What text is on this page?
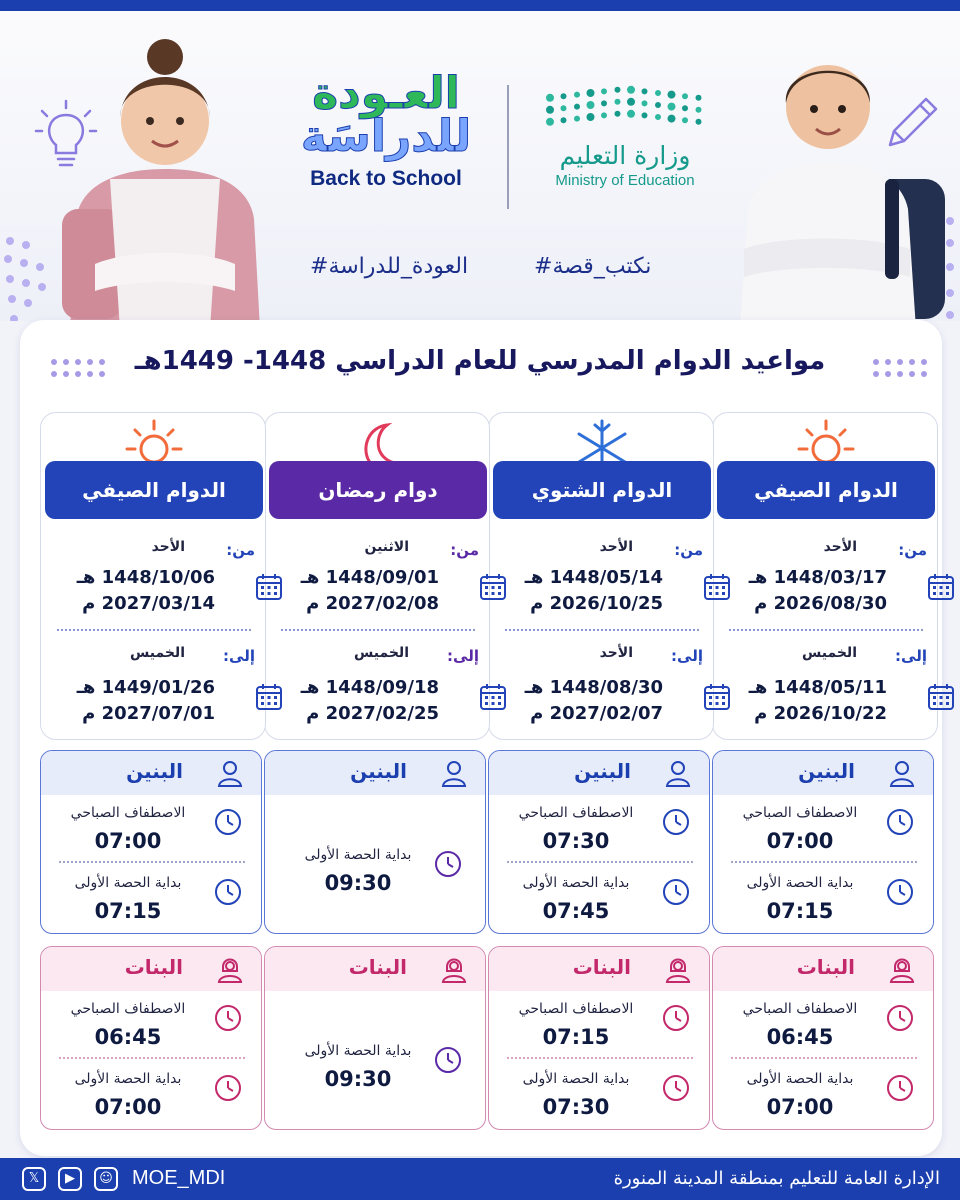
العـودة
للدراسَة
Back to School
وزارة التعليم
Ministry of Education
#نكتب_قصة
#العودة_للدراسة
مواعيد الدوام المدرسي للعام الدراسي 1448- 1449هـ
الدوام الصيفي
من:
الأحد
1448/03/17 هـ
2026/08/30 م
إلى:
الخميس
1448/05/11 هـ
2026/10/22 م
البنين
الاصطفاف الصباحي
07:00
بداية الحصة الأولى
07:15
البنات
الاصطفاف الصباحي
06:45
بداية الحصة الأولى
07:00
الدوام الشتوي
من:
الأحد
1448/05/14 هـ
2026/10/25 م
إلى:
الأحد
1448/08/30 هـ
2027/02/07 م
البنين
الاصطفاف الصباحي
07:30
بداية الحصة الأولى
07:45
البنات
الاصطفاف الصباحي
07:15
بداية الحصة الأولى
07:30
دوام رمضان
من:
الاثنين
1448/09/01 هـ
2027/02/08 م
إلى:
الخميس
1448/09/18 هـ
2027/02/25 م
البنين
بداية الحصة الأولى
09:30
البنات
بداية الحصة الأولى
09:30
الدوام الصيفي
من:
الأحد
1448/10/06 هـ
2027/03/14 م
إلى:
الخميس
1449/01/26 هـ
2027/07/01 م
البنين
الاصطفاف الصباحي
07:00
بداية الحصة الأولى
07:15
البنات
الاصطفاف الصباحي
06:45
بداية الحصة الأولى
07:00
𝕏	▶	☺ MOE_MDI	الإدارة العامة للتعليم بمنطقة المدينة المنورة
